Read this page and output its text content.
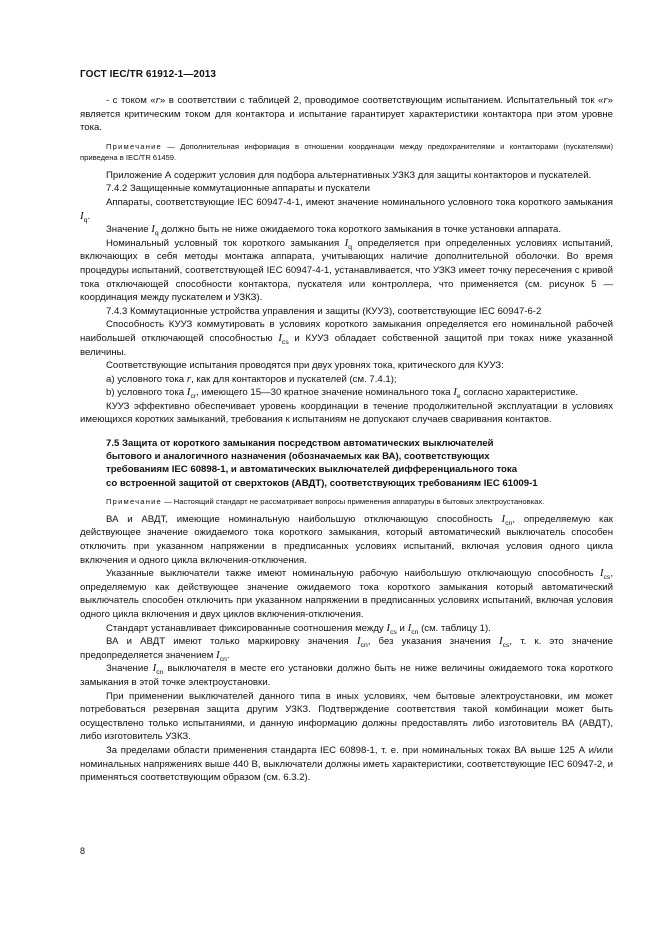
ГОСТ IEC/TR 61912-1—2013

- с током «r» в соответствии с таблицей 2, проводимое соответствующим испытанием. Испытательный ток «r» является критическим током для контактора и испытание гарантирует характеристики контактора при этом уровне тока.

Примечание — Дополнительная информация в отношении координации между предохранителями и контакторами (пускателями) приведена в IEC/TR 61459.

Приложение А содержит условия для подбора альтернативных УЗКЗ для защиты контакторов и пускателей.

7.4.2 Защищенные коммутационные аппараты и пускатели

Аппараты, соответствующие IEC 60947-4-1, имеют значение номинального условного тока короткого замыкания $I_q$.

Значение $I_q$ должно быть не ниже ожидаемого тока короткого замыкания в точке установки аппарата.

Номинальный условный ток короткого замыкания $I_q$ определяется при определенных условиях испытаний, включающих в себя методы монтажа аппарата, учитывающих наличие дополнительной оболочки. Во время процедуры испытаний, соответствующей IEC 60947-4-1, устанавливается, что УЗКЗ имеет точку пересечения с кривой тока отключающей способности контактора, пускателя или контроллера, что применяется (см. рисунок 5 — координация между пускателем и УЗКЗ).

7.4.3 Коммутационные устройства управления и защиты (КУУЗ), соответствующие IEC 60947-6-2

Способность КУУЗ коммутировать в условиях короткого замыкания определяется его номинальной рабочей наибольшей отключающей способностью $I_{cs}$ и КУУЗ обладает собственной защитой при токах ниже указанной величины.

Соответствующие испытания проводятся при двух уровнях тока, критического для КУУЗ:

a) условного тока r, как для контакторов и пускателей (см. 7.4.1);

b) условного тока $I_{cr}$, имеющего 15—30 кратное значение номинального тока $I_e$ согласно характеристике.

КУУЗ эффективно обеспечивает уровень координации в течение продолжительной эксплуатации в условиях имеющихся коротких замыканий, требования к испытаниям не допускают случаев сваривания контактов.

7.5 Защита от короткого замыкания посредством автоматических выключателей
бытового и аналогичного назначения (обозначаемых как ВА), соответствующих
требованиям IEC 60898-1, и автоматических выключателей дифференциального тока
со встроенной защитой от сверхтоков (АВДТ), соответствующих требованиям IEC 61009-1

Примечание — Настоящий стандарт не рассматривает вопросы применения аппаратуры в бытовых электроустановках.

ВА и АВДТ, имеющие номинальную наибольшую отключающую способность $I_{cn}$, определяемую как действующее значение ожидаемого тока короткого замыкания, который автоматический выключатель способен отключить при указанном напряжении в предписанных условиях испытаний, включая условия одного цикла включения и одного цикла включения-отключения.

Указанные выключатели также имеют номинальную рабочую наибольшую отключающую способность $I_{cs}$, определяемую как действующее значение ожидаемого тока короткого замыкания который автоматический выключатель способен отключить при указанном напряжении в предписанных условиях испытаний, включая условия одного цикла включения и двух циклов включения-отключения.

Стандарт устанавливает фиксированные соотношения между $I_{cs}$ и $I_{cn}$ (см. таблицу 1).

ВА и АВДТ имеют только маркировку значения $I_{cn}$, без указания значения $I_{cs}$, т. к. это значение предопределяется значением $I_{cn}$.

Значение $I_{cn}$ выключателя в месте его установки должно быть не ниже величины ожидаемого тока короткого замыкания в этой точке электроустановки.

При применении выключателей данного типа в иных условиях, чем бытовые электроустановки, им может потребоваться резервная защита другим УЗКЗ. Подтверждение соответствия такой комбинации может быть осуществлено только испытаниями, и данную информацию должны предоставлять либо изготовитель ВА (АВДТ), либо изготовитель УЗКЗ.

За пределами области применения стандарта IEC 60898-1, т. е. при номинальных токах ВА выше 125 А и/или номинальных напряжениях выше 440 В, выключатели должны иметь характеристики, соответствующие IEC 60947-2, и применяться соответствующим образом (см. 6.3.2).

8
